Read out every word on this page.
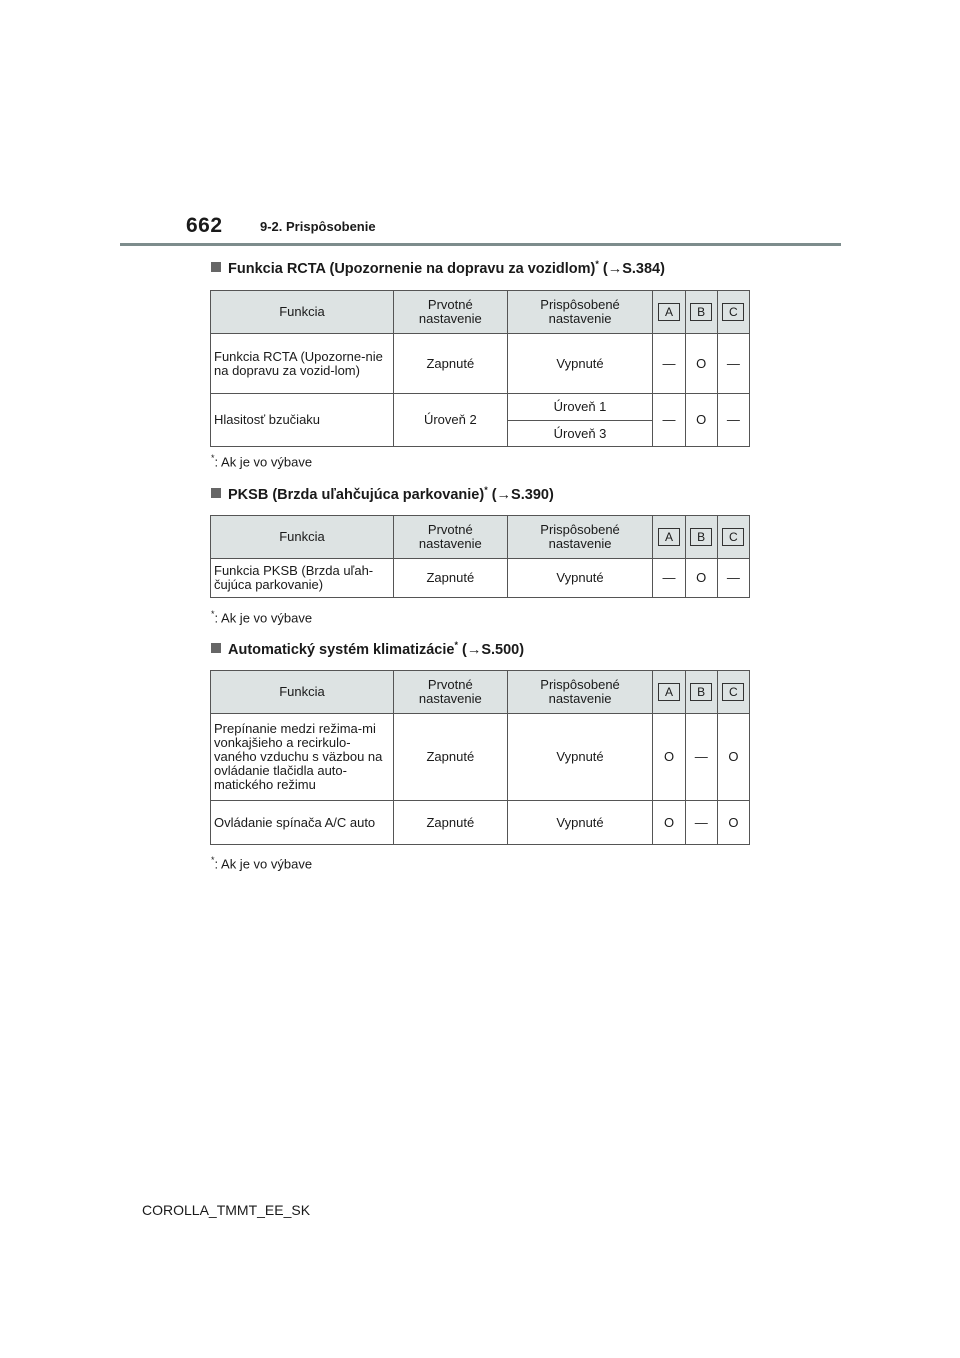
662	9-2. Prispôsobenie
Funkcia RCTA (Upozornenie na dopravu za vozidlom)* (→S.384)
Funkcia	Prvotné nastavenie	Prispôsobené nastavenie	A	B	C
Funkcia RCTA (Upozorne-nie na dopravu za vozid-lom)	Zapnuté	Vypnuté	—	O	—
Hlasitosť bzučiaku	Úroveň 2	Úroveň 1	—	O	—
		Úroveň 3			
*: Ak je vo výbave
PKSB (Brzda uľahčujúca parkovanie)* (→S.390)
Funkcia	Prvotné nastavenie	Prispôsobené nastavenie	A	B	C
Funkcia PKSB (Brzda uľah-čujúca parkovanie)	Zapnuté	Vypnuté	—	O	—
*: Ak je vo výbave
Automatický systém klimatizácie* (→S.500)
Funkcia	Prvotné nastavenie	Prispôsobené nastavenie	A	B	C
Prepínanie medzi režima-mi vonkajšieho a recirkulo-vaného vzduchu s väzbou na ovládanie tlačidla auto-matického režimu	Zapnuté	Vypnuté	O	—	O
Ovládanie spínača A/C auto	Zapnuté	Vypnuté	O	—	O
*: Ak je vo výbave
COROLLA_TMMT_EE_SK
